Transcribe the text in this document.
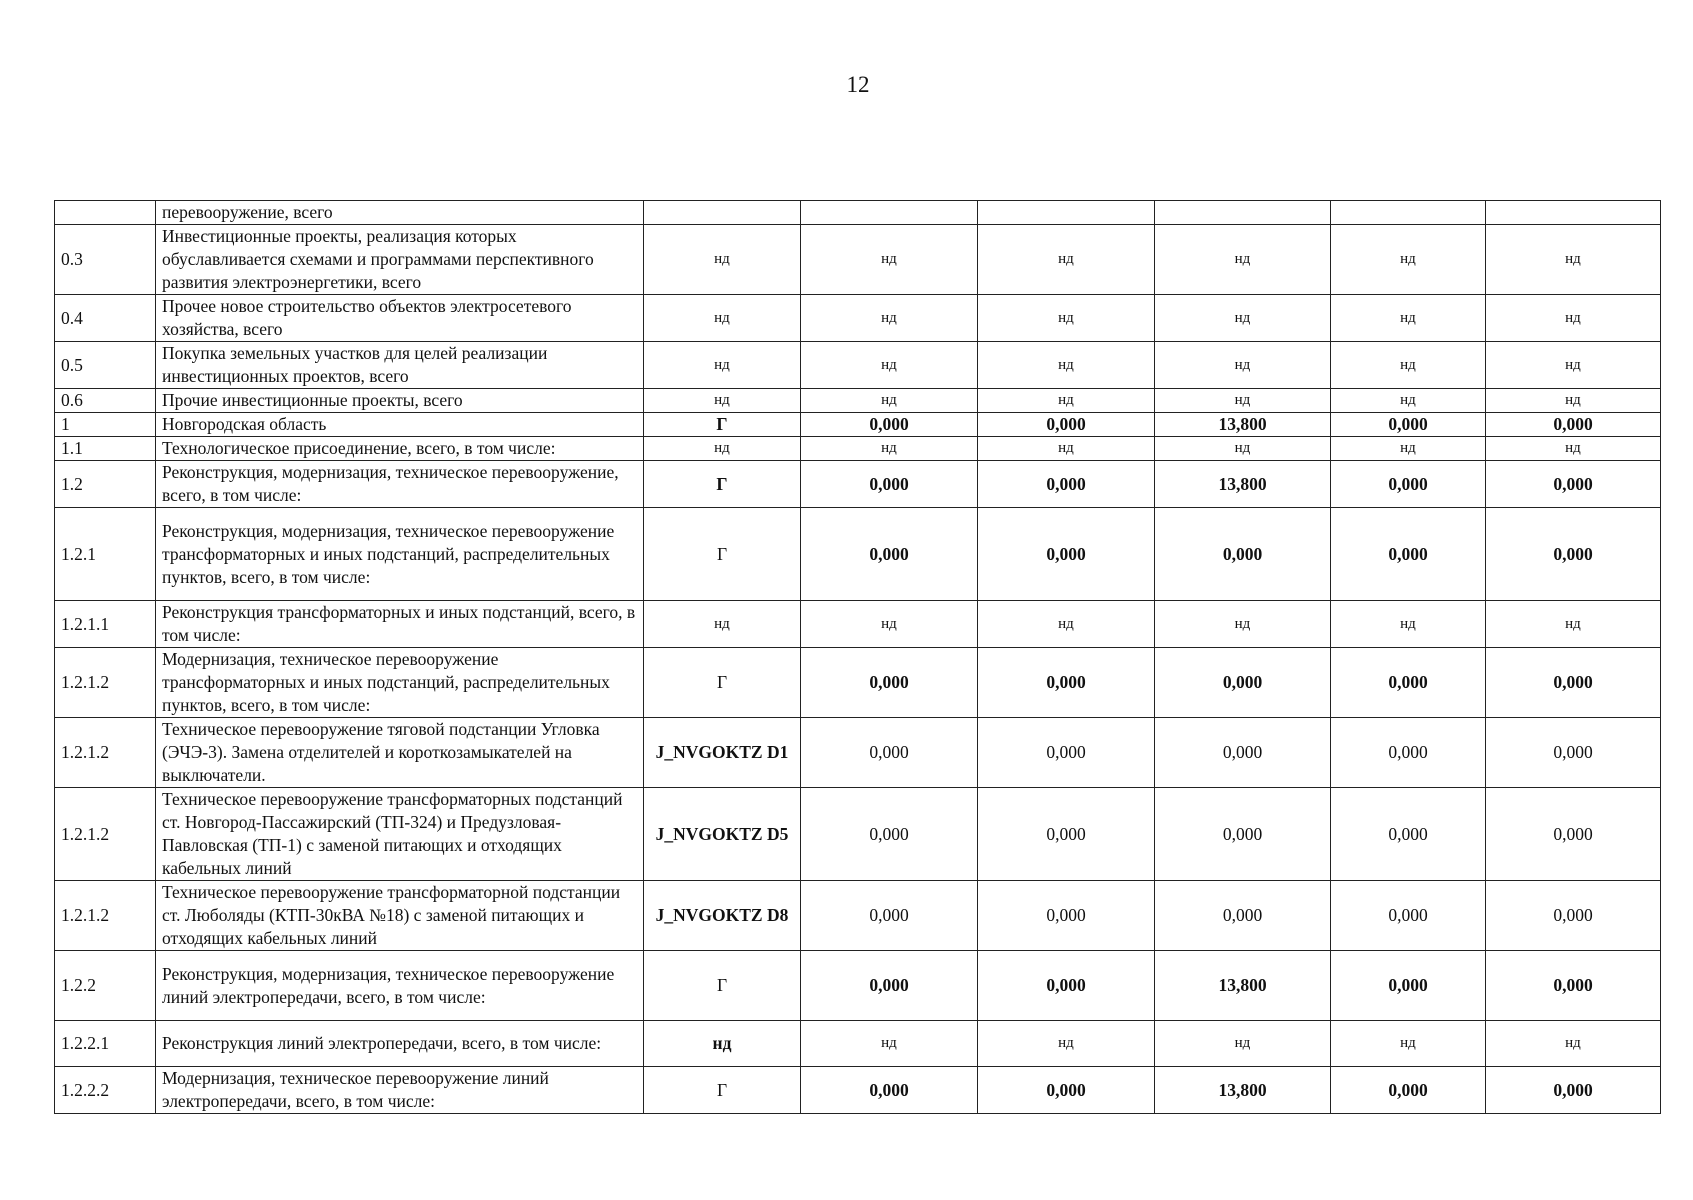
12
	перевооружение, всего						
0.3	Инвестиционные проекты, реализация которых обуславливается схемами и программами перспективного развития электроэнергетики, всего	нд	нд	нд	нд	нд	нд
0.4	Прочее новое строительство объектов электросетевого хозяйства, всего	нд	нд	нд	нд	нд	нд
0.5	Покупка земельных участков для целей реализации инвестиционных проектов, всего	нд	нд	нд	нд	нд	нд
0.6	Прочие инвестиционные проекты, всего	нд	нд	нд	нд	нд	нд
1	Новгородская область	Г	0,000	0,000	13,800	0,000	0,000
1.1	Технологическое присоединение, всего, в том числе:	нд	нд	нд	нд	нд	нд
1.2	Реконструкция, модернизация, техническое перевооружение, всего, в том числе:	Г	0,000	0,000	13,800	0,000	0,000
1.2.1	Реконструкция, модернизация, техническое перевооружение трансформаторных и иных подстанций, распределительных пунктов, всего, в том числе:	Г	0,000	0,000	0,000	0,000	0,000
1.2.1.1	Реконструкция трансформаторных и иных подстанций, всего, в том числе:	нд	нд	нд	нд	нд	нд
1.2.1.2	Модернизация, техническое перевооружение трансформаторных и иных подстанций, распределительных пунктов, всего, в том числе:	Г	0,000	0,000	0,000	0,000	0,000
1.2.1.2	Техническое перевооружение тяговой подстанции Угловка (ЭЧЭ-3). Замена отделителей и короткозамыкателей на выключатели.	J_NVGOKTZ D1	0,000	0,000	0,000	0,000	0,000
1.2.1.2	Техническое перевооружение трансформаторных подстанций ст. Новгород-Пассажирский (ТП-324) и Предузловая-Павловская (ТП-1) с заменой питающих и отходящих кабельных линий	J_NVGOKTZ D5	0,000	0,000	0,000	0,000	0,000
1.2.1.2	Техническое перевооружение трансформаторной подстанции ст. Люболяды (КТП-30кВА №18) с заменой питающих и отходящих кабельных линий	J_NVGOKTZ D8	0,000	0,000	0,000	0,000	0,000
1.2.2	Реконструкция, модернизация, техническое перевооружение линий электропередачи, всего, в том числе:	Г	0,000	0,000	13,800	0,000	0,000
1.2.2.1	Реконструкция линий электропередачи, всего, в том числе:	нд	нд	нд	нд	нд	нд
1.2.2.2	Модернизация, техническое перевооружение линий электропередачи, всего, в том числе:	Г	0,000	0,000	13,800	0,000	0,000
